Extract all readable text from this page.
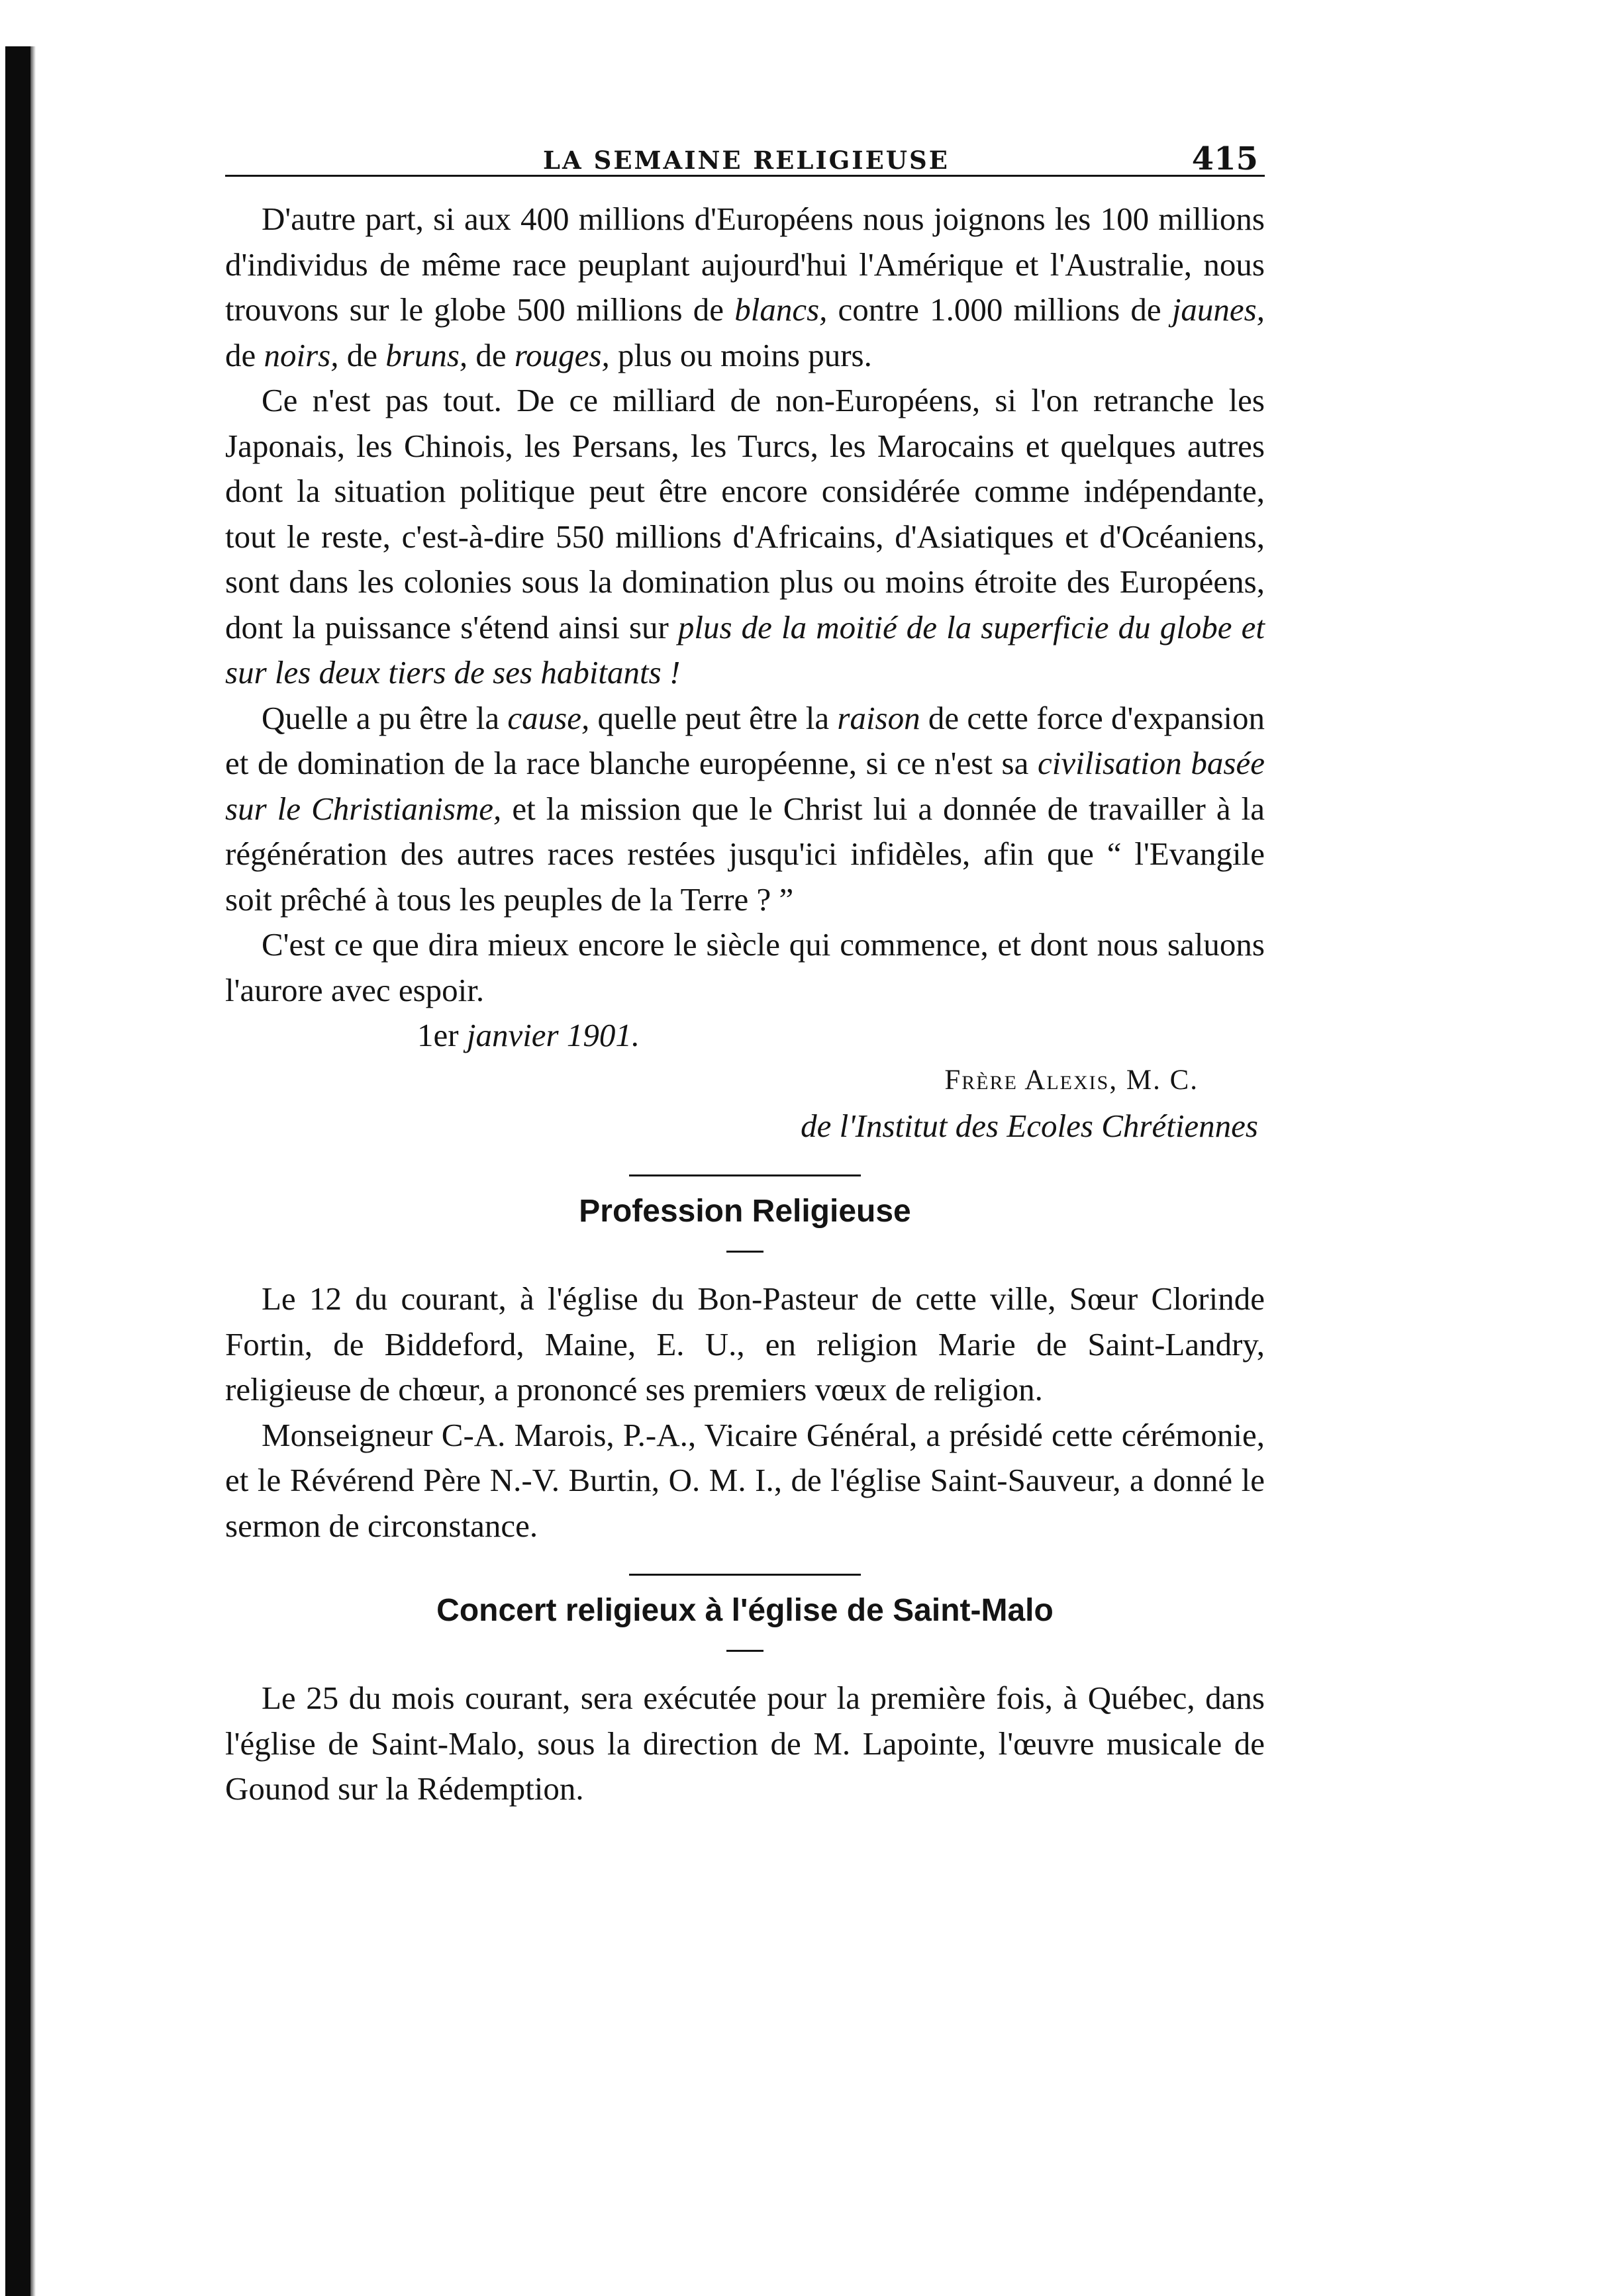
LA SEMAINE RELIGIEUSE	415

D'autre part, si aux 400 millions d'Européens nous joignons les 100 millions d'individus de même race peuplant aujourd'hui l'Amérique et l'Australie, nous trouvons sur le globe 500 millions de blancs, contre 1.000 millions de jaunes, de noirs, de bruns, de rouges, plus ou moins purs.

Ce n'est pas tout. De ce milliard de non-Européens, si l'on retranche les Japonais, les Chinois, les Persans, les Turcs, les Marocains et quelques autres dont la situation politique peut être encore considérée comme indépendante, tout le reste, c'est-à-dire 550 millions d'Africains, d'Asiatiques et d'Océaniens, sont dans les colonies sous la domination plus ou moins étroite des Européens, dont la puissance s'étend ainsi sur plus de la moitié de la superficie du globe et sur les deux tiers de ses habitants !

Quelle a pu être la cause, quelle peut être la raison de cette force d'expansion et de domination de la race blanche européenne, si ce n'est sa civilisation basée sur le Christianisme, et la mission que le Christ lui a donnée de travailler à la régénération des autres races restées jusqu'ici infidèles, afin que “ l'Evangile soit prêché à tous les peuples de la Terre ? ”

C'est ce que dira mieux encore le siècle qui commence, et dont nous saluons l'aurore avec espoir.

1er janvier 1901.
Frère Alexis, M. C.
de l'Institut des Ecoles Chrétiennes
Profession Religieuse

Le 12 du courant, à l'église du Bon-Pasteur de cette ville, Sœur Clorinde Fortin, de Biddeford, Maine, E. U., en religion Marie de Saint-Landry, religieuse de chœur, a prononcé ses premiers vœux de religion.

Monseigneur C-A. Marois, P.-A., Vicaire Général, a présidé cette cérémonie, et le Révérend Père N.-V. Burtin, O. M. I., de l'église Saint-Sauveur, a donné le sermon de circonstance.

Concert religieux à l'église de Saint-Malo

Le 25 du mois courant, sera exécutée pour la première fois, à Québec, dans l'église de Saint-Malo, sous la direction de M. Lapointe, l'œuvre musicale de Gounod sur la Rédemption.
